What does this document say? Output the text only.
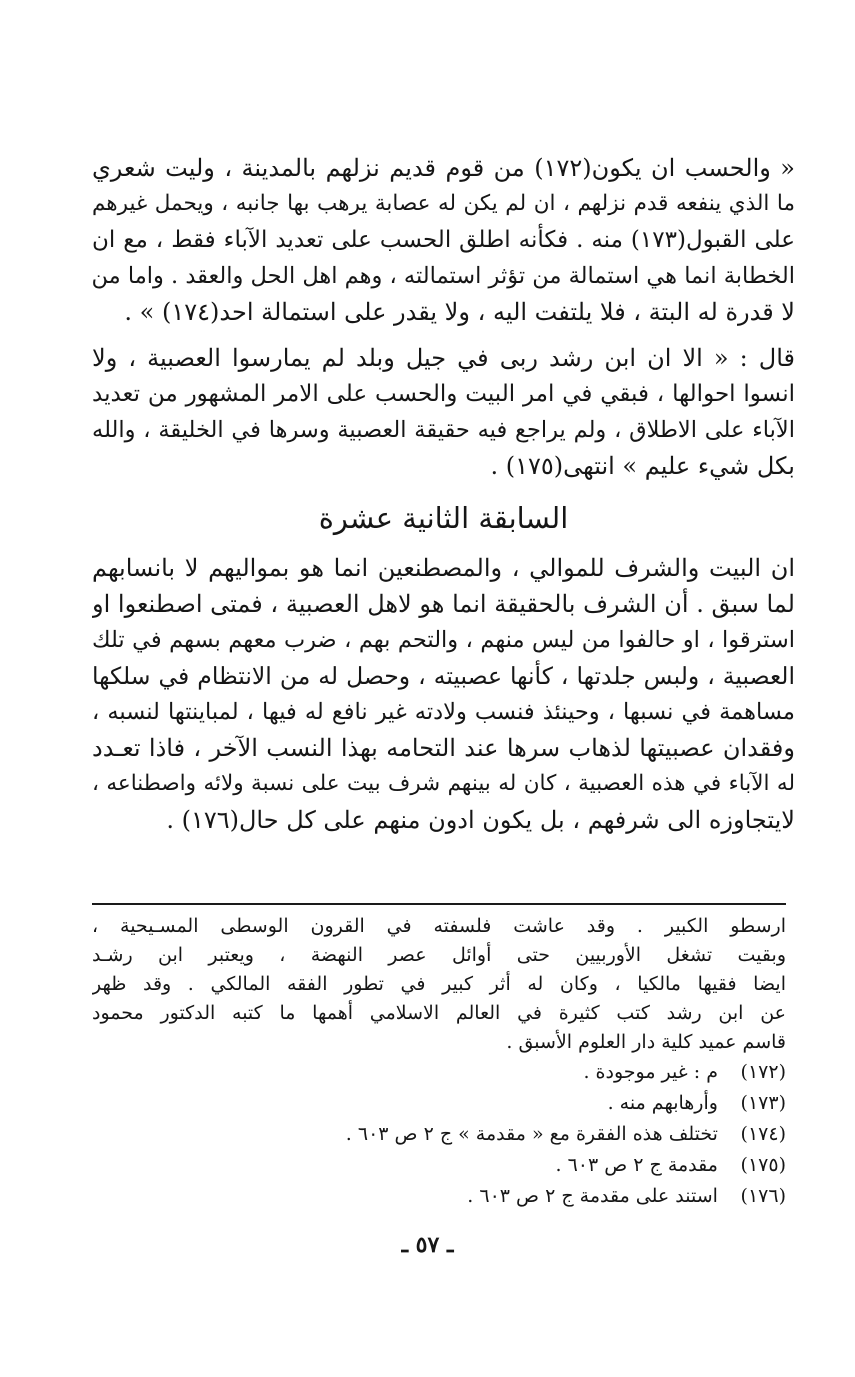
« والحسب ان يكون(١٧٢) من قوم قديم نزلهم بالمدينة ، وليت شعري
ما الذي ينفعه قدم نزلهم ، ان لم يكن له عصابة يرهب بها جانبه ، ويحمل غيرهم
على القبول(١٧٣) منه . فكأنه اطلق الحسب على تعديد الآباء فقط ، مع ان
الخطابة انما هي استمالة من تؤثر استمالته ، وهم اهل الحل والعقد . واما من
لا قدرة له البتة ، فلا يلتفت اليه ، ولا يقدر على استمالة احد(١٧٤) » .
قال : « الا ان ابن رشد ربى في جيل وبلد لم يمارسوا العصبية ، ولا
انسوا احوالها ، فبقي في امر البيت والحسب على الامر المشهور من تعديد
الآباء على الاطلاق ، ولم يراجع فيه حقيقة العصبية وسرها في الخليقة ، والله
بكل شيء عليم » انتهى(١٧٥) .
السابقة الثانية عشرة
ان البيت والشرف للموالي ، والمصطنعين انما هو بمواليهم لا بانسابهم
لما سبق . أن الشرف بالحقيقة انما هو لاهل العصبية ، فمتى اصطنعوا او
استرقوا ، او حالفوا من ليس منهم ، والتحم بهم ، ضرب معهم بسهم في تلك
العصبية ، ولبس جلدتها ، كأنها عصبيته ، وحصل له من الانتظام في سلكها
مساهمة في نسبها ، وحينئذ فنسب ولادته غير نافع له فيها ، لمباينتها لنسبه ،
وفقدان عصبيتها لذهاب سرها عند التحامه بهذا النسب الآخر ، فاذا تعـدد
له الآباء في هذه العصبية ، كان له بينهم شرف بيت على نسبة ولائه واصطناعه ،
لايتجاوزه الى شرفهم ، بل يكون ادون منهم على كل حال(١٧٦) .
ارسطو الكبير . وقد عاشت فلسفته في القرون الوسطى المسـيحية ،
وبقيت تشغل الأوربيين حتى أوائل عصر النهضة ، ويعتبر ابن رشـد
ايضا فقيها مالكيا ، وكان له أثر كبير في تطور الفقه المالكي . وقد ظهر
عن ابن رشد كتب كثيرة في العالم الاسلامي أهمها ما كتبه الدكتور محمود
قاسم عميد كلية دار العلوم الأسبق .
(١٧٢) م : غير موجودة .
(١٧٣) وأرهابهم منه .
(١٧٤) تختلف هذه الفقرة مع « مقدمة » ج ٢ ص ٦٠٣ .
(١٧٥) مقدمة ج ٢ ص ٦٠٣ .
(١٧٦) استند على مقدمة ج ٢ ص ٦٠٣ .
ـ ٥٧ ـ
